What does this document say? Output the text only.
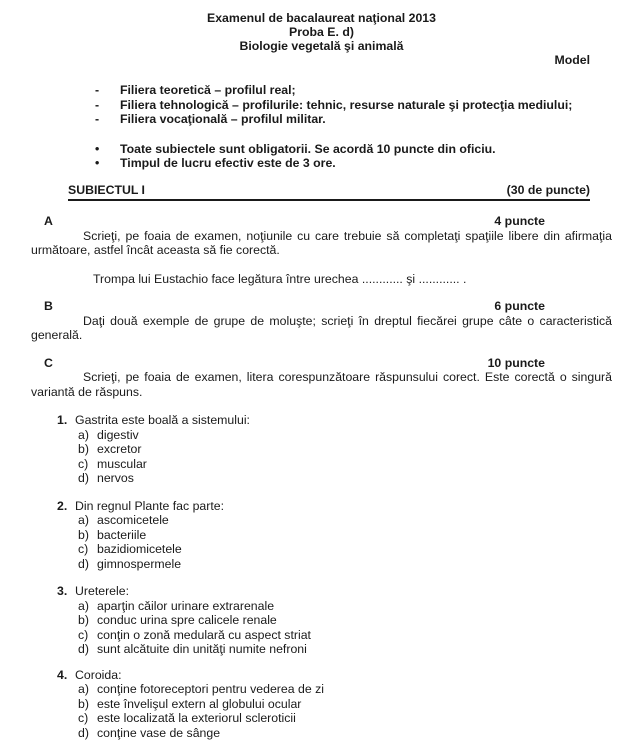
Examenul de bacalaureat naţional 2013
Proba E. d)
Biologie vegetală şi animală
Model
-	Filiera teoretică – profilul real;
-	Filiera tehnologică – profilurile: tehnic, resurse naturale şi protecţia mediului;
-	Filiera vocaţională – profilul militar.
•	Toate subiectele sunt obligatorii. Se acordă 10 puncte din oficiu.
•	Timpul de lucru efectiv este de 3 ore.
SUBIECTUL I	(30 de puncte)
A	4 puncte

Scrieţi, pe foaia de examen, noţiunile cu care trebuie să completaţi spaţiile libere din afirmaţia următoare, astfel încât aceasta să fie corectă.

Trompa lui Eustachio face legătura între urechea ............ şi ............ .

B	6 puncte

Daţi două exemple de grupe de moluşte; scrieţi în dreptul fiecărei grupe câte o caracteristică generală.

C	10 puncte

Scrieţi, pe foaia de examen, litera corespunzătoare răspunsului corect. Este corectă o singură variantă de răspuns.

1. Gastrita este boală a sistemului:
a) digestiv
b) excretor
c) muscular
d) nervos
2. Din regnul Plante fac parte:
a) ascomicetele
b) bacteriile
c) bazidiomicetele
d) gimnospermele
3. Ureterele:
a) aparţin căilor urinare extrarenale
b) conduc urina spre calicele renale
c) conţin o zonă medulară cu aspect striat
d) sunt alcătuite din unităţi numite nefroni
4. Coroida:
a) conţine fotoreceptori pentru vederea de zi
b) este învelişul extern al globului ocular
c) este localizată la exteriorul scleroticii
d) conţine vase de sânge
